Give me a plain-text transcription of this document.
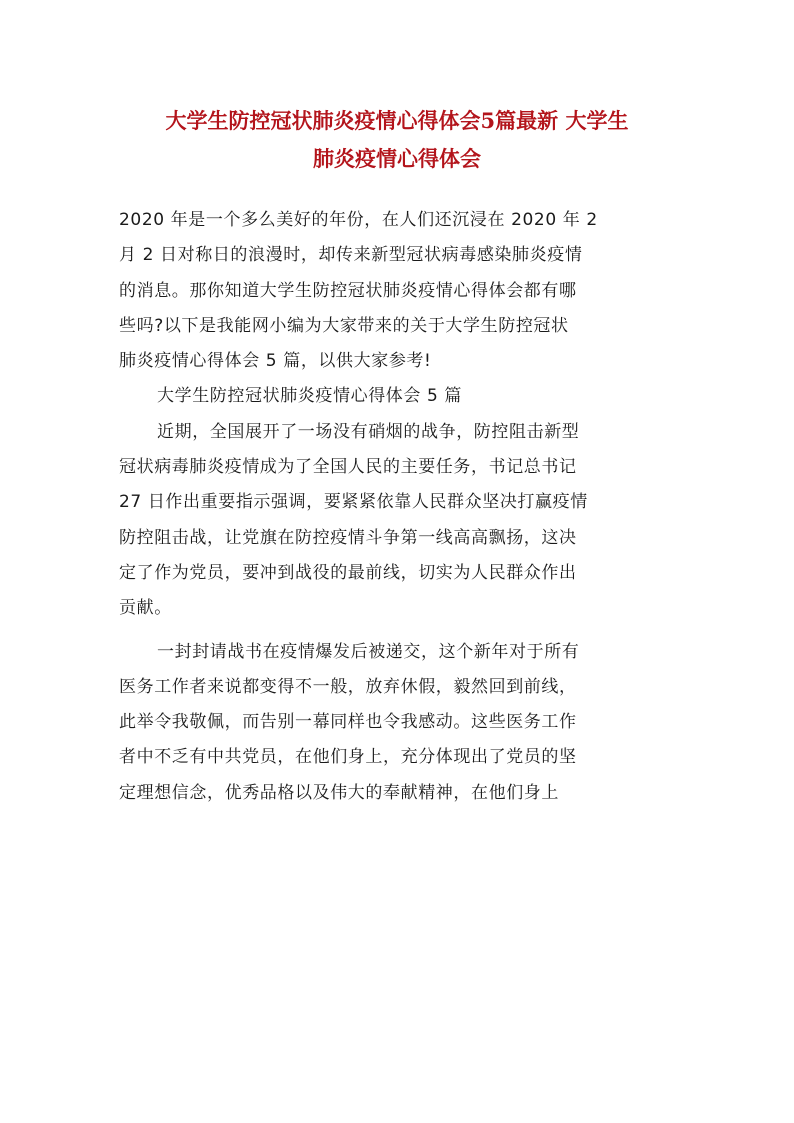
大学生防控冠状肺炎疫情心得体会5篇最新 大学生
肺炎疫情心得体会
2020 年是一个多么美好的年份，在人们还沉浸在 2020 年 2
月 2 日对称日的浪漫时，却传来新型冠状病毒感染肺炎疫情
的消息。那你知道大学生防控冠状肺炎疫情心得体会都有哪
些吗?以下是我能网小编为大家带来的关于大学生防控冠状
肺炎疫情心得体会 5 篇，以供大家参考!
大学生防控冠状肺炎疫情心得体会 5 篇
近期，全国展开了一场没有硝烟的战争，防控阻击新型
冠状病毒肺炎疫情成为了全国人民的主要任务，书记总书记
27 日作出重要指示强调，要紧紧依靠人民群众坚决打赢疫情
防控阻击战，让党旗在防控疫情斗争第一线高高飘扬，这决
定了作为党员，要冲到战役的最前线，切实为人民群众作出
贡献。
一封封请战书在疫情爆发后被递交，这个新年对于所有
医务工作者来说都变得不一般，放弃休假，毅然回到前线，
此举令我敬佩，而告别一幕同样也令我感动。这些医务工作
者中不乏有中共党员，在他们身上，充分体现出了党员的坚
定理想信念，优秀品格以及伟大的奉献精神，在他们身上
